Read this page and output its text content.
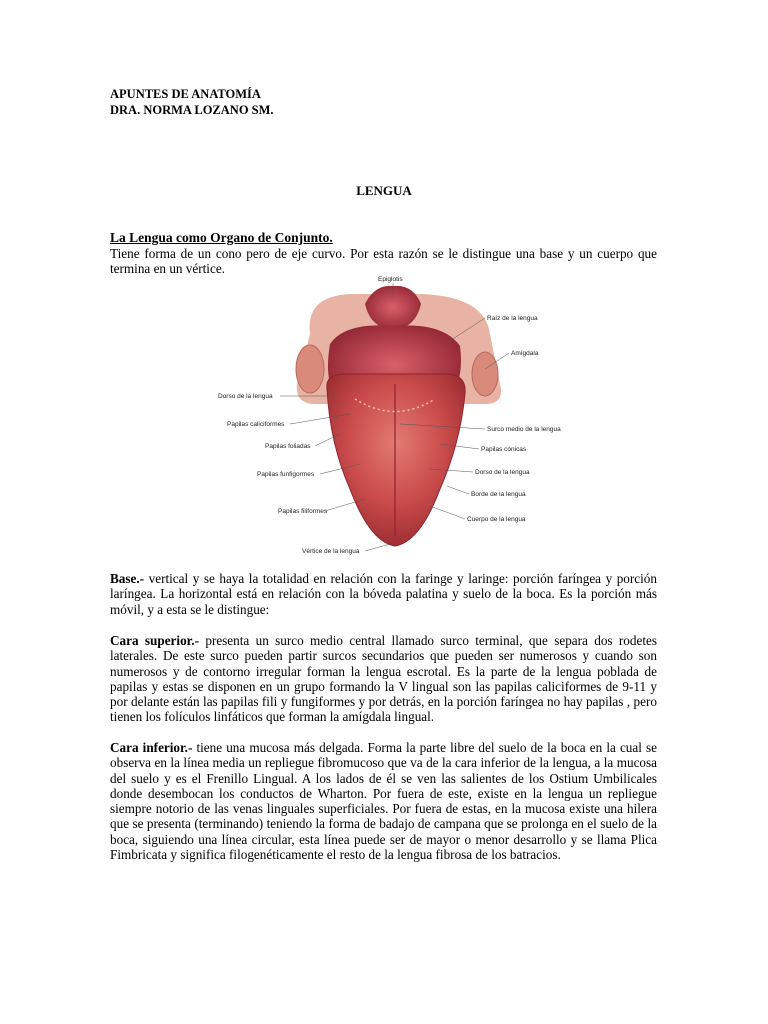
APUNTES DE ANATOMÍA
DRA. NORMA LOZANO SM.
LENGUA
La Lengua como Organo de Conjunto.
Tiene forma de un cono pero de eje curvo. Por esta razón se le distingue una base y un cuerpo que termina en un vértice.
Epiglotis
Dorso de la lengua
Papilas caliciformes
Papilas foliadas
Papilas funfigormes
Papilas filiformes
Vértice de la lengua
Raíz de la lengua
Amígdala
Surco medio de la lengua
Papilas cónicas
Dorso de la lengua
Borde de la lengua
Cuerpo de la lengua
Base.- vertical y se haya la totalidad en relación con la faringe y laringe: porción faríngea y porción laríngea. La horizontal está en relación con la bóveda palatina y suelo de la boca. Es la porción más móvil, y a esta se le distingue:
Cara superior.- presenta un surco medio central llamado surco terminal, que separa dos rodetes laterales. De este surco pueden partir surcos secundarios que pueden ser numerosos y cuando son numerosos y de contorno irregular forman la lengua escrotal. Es la parte de la lengua poblada de papilas y estas se disponen en un grupo formando la V lingual son las papilas caliciformes de 9-11 y por delante están las papilas fili y fungiformes y por detrás, en la porción faríngea no hay papilas , pero tienen los folículos linfáticos que forman la amígdala lingual.
Cara inferior.- tiene una mucosa más delgada. Forma la parte libre del suelo de la boca en la cual se observa en la línea media un repliegue fibromucoso que va de la cara inferior de la lengua, a la mucosa del suelo y es el Frenillo Lingual. A los lados de él se ven las salientes de los Ostium Umbilicales donde desembocan los conductos de Wharton. Por fuera de este, existe en la lengua un repliegue siempre notorio de las venas linguales superficiales. Por fuera de estas, en la mucosa existe una hilera que se presenta (terminando) teniendo la forma de badajo de campana que se prolonga en el suelo de la boca, siguiendo una línea circular, esta línea puede ser de mayor o menor desarrollo y se llama Plica Fimbricata y significa filogenéticamente el resto de la lengua fibrosa de los batracios.
